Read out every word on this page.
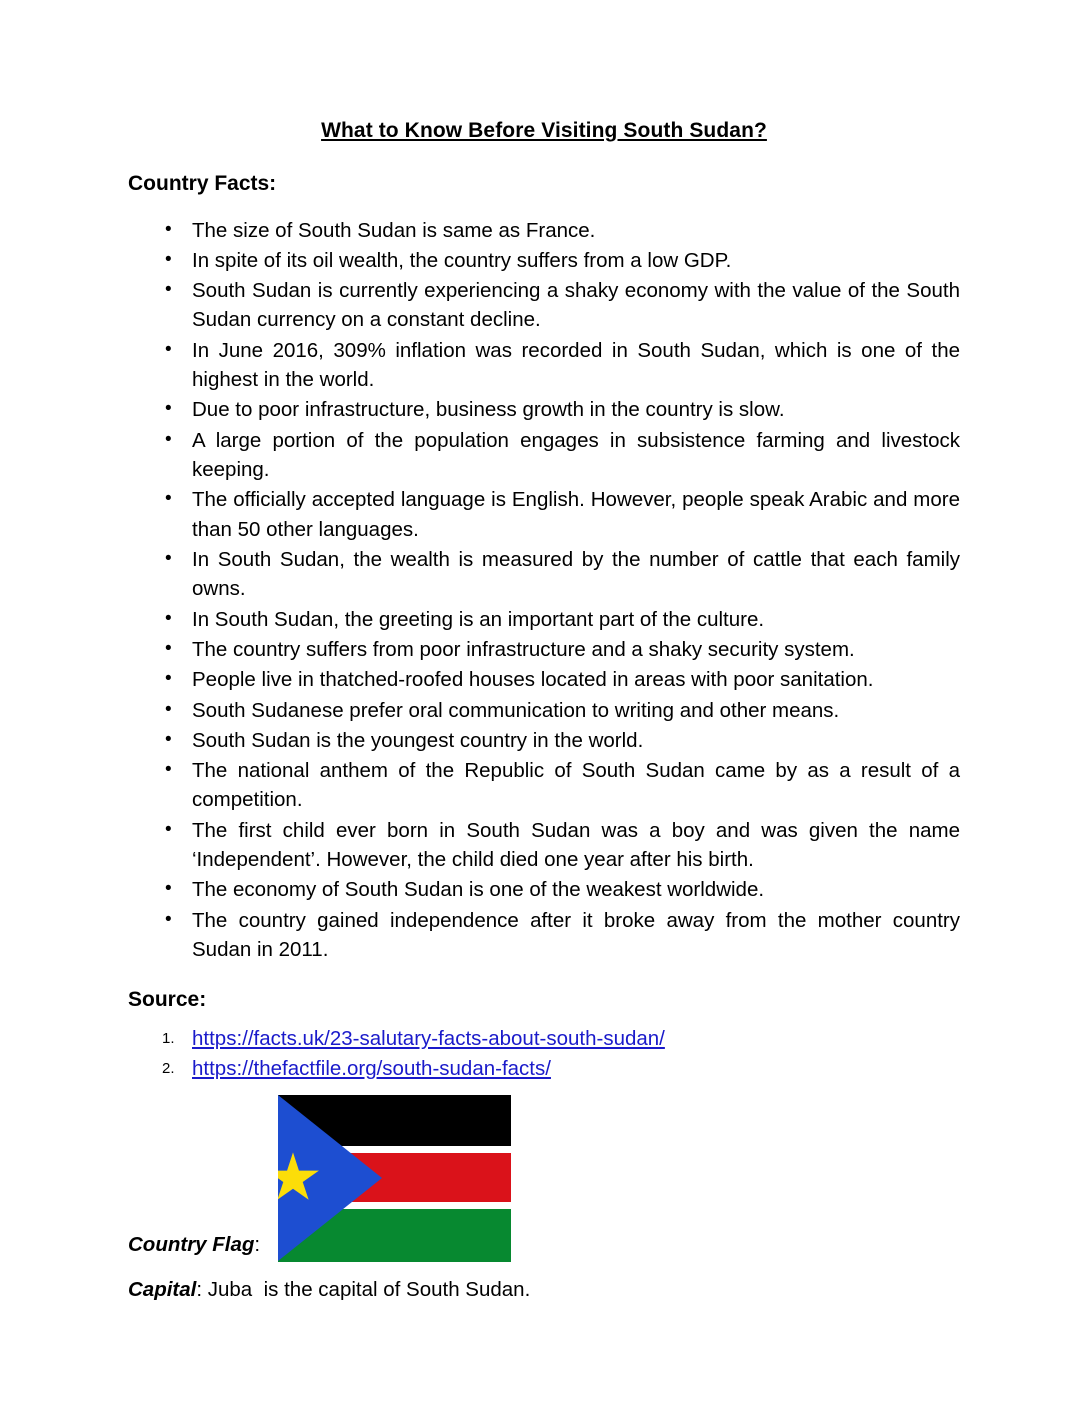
What to Know Before Visiting South Sudan?
Country Facts:
• The size of South Sudan is same as France.
• In spite of its oil wealth, the country suffers from a low GDP.
• South Sudan is currently experiencing a shaky economy with the value of the South Sudan currency on a constant decline.
• In June 2016, 309% inflation was recorded in South Sudan, which is one of the highest in the world.
• Due to poor infrastructure, business growth in the country is slow.
• A large portion of the population engages in subsistence farming and livestock keeping.
• The officially accepted language is English. However, people speak Arabic and more than 50 other languages.
• In South Sudan, the wealth is measured by the number of cattle that each family owns.
• In South Sudan, the greeting is an important part of the culture.
• The country suffers from poor infrastructure and a shaky security system.
• People live in thatched-roofed houses located in areas with poor sanitation.
• South Sudanese prefer oral communication to writing and other means.
• South Sudan is the youngest country in the world.
• The national anthem of the Republic of South Sudan came by as a result of a competition.
• The first child ever born in South Sudan was a boy and was given the name ‘Independent’. However, the child died one year after his birth.
• The economy of South Sudan is one of the weakest worldwide.
• The country gained independence after it broke away from the mother country Sudan in 2011.
Source:
https://facts.uk/23-salutary-facts-about-south-sudan/
https://thefactfile.org/south-sudan-facts/
Country Flag:
Capital: Juba  is the capital of South Sudan.
